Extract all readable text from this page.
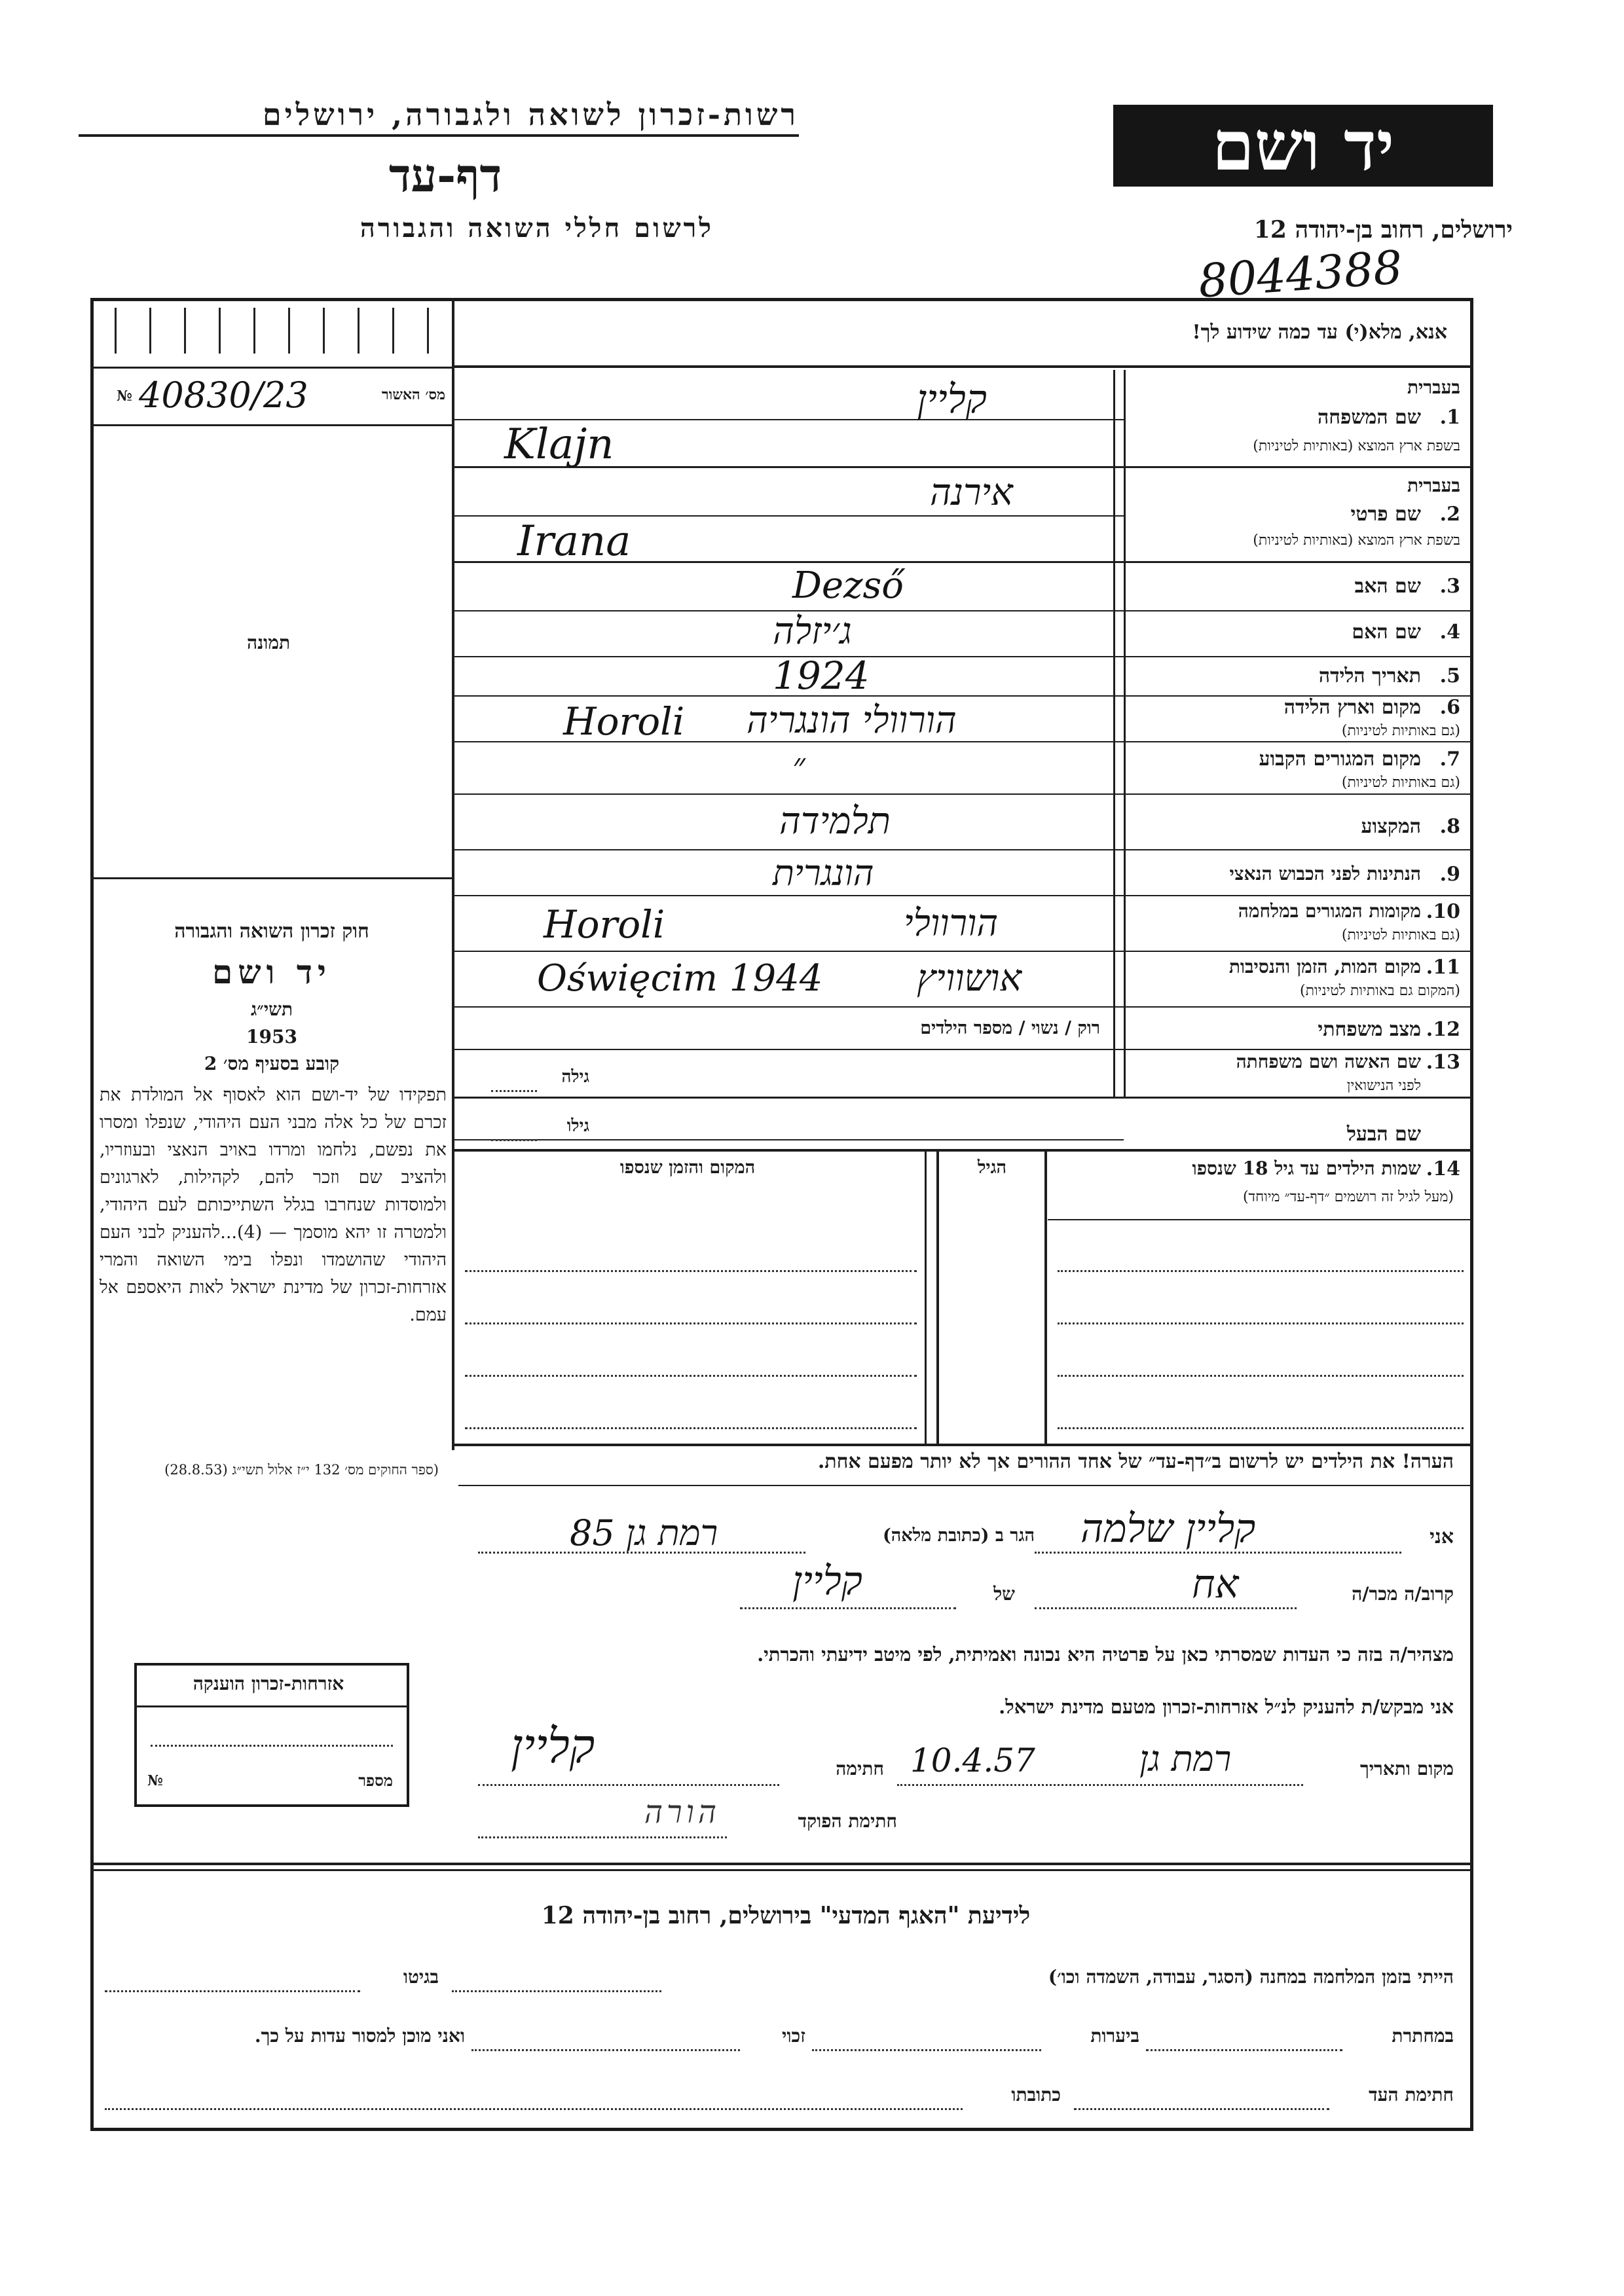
יד ושם
רשות-זכרון לשואה ולגבורה, ירושלים
דף-עד
לרשום חללי השואה והגבורה	ירושלים, רחוב בן-יהודה 12
8044388
אנא, מלא(י) עד כמה שידוע לך!
מס׳ האשור
№ 40830/23
תמונה
חוק זכרון השואה והגבורה
יד ושם
תשי״ג
1953
קובע בסעיף מס׳ 2
תפקידו של יד-ושם הוא לאסוף אל המולדת את זכרם של כל אלה מבני העם היהודי, שנפלו ומסרו את נפשם, נלחמו ומרדו באויב הנאצי ובעוזריו, ולהציב שם וזכר להם, לקהילות, לארגונים ולמוסדות שנחרבו בגלל השתייכותם לעם היהודי, ולמטרה זו יהא מוסמך — (4)...להעניק לבני העם היהודי שהושמדו ונפלו בימי השואה והמרי אזרחות-זכרון של מדינת ישראל לאות היאספם אל עמם.
(ספר החוקים מס׳ 132 י״ז אלול תשי״ג (28.8.53)
בעברית
שם המשפחה 1.
בשפת ארץ המוצא (באותיות לטיניות)
קליין
Klajn
בעברית
שם פרטי 2.
בשפת ארץ המוצא (באותיות לטיניות)
אירנה
Irana
שם האב 3.
Dezső
שם האם 4.
ג׳יזלה
תאריך הלידה 5.
1924
מקום וארץ הלידה 6.
(גם באותיות לטיניות)
הורוולי הונגריה
Horoli
מקום המגורים הקבוע 7.
(גם באותיות לטיניות)
״
המקצוע 8.
תלמידה
הנתינות לפני הכבוש הנאצי 9.
הונגרית
מקומות המגורים במלחמה 10.
(גם באותיות לטיניות)
הורוולי
Horoli
מקום המות, הזמן והנסיבות 11.
(המקום גם באותיות לטיניות)
אושוויץ
Oświęcim 1944
מצב משפחתי 12.
רוק / נשוי / מספר הילדים
שם האשה ושם משפחתה 13.
לפני הנישואין
גילה
שם הבעל
גילו
שמות הילדים עד גיל 18 שנספו 14.
(מעל לגיל זה רושמים ״דף-עד״ מיוחד)
הגיל
המקום והזמן שנספו
הערה! את הילדים יש לרשום ב״דף-עד״ של אחד ההורים אך לא יותר מפעם אחת.
אני
קליין שלמה
הגר ב (כתובת מלאה)
רמת גן 85
קרוב/ה מכר/ה
אח
של
קליין
מצהיר/ה בזה כי העדות שמסרתי כאן על פרטיה היא נכונה ואמיתית, לפי מיטב ידיעתי והכרתי.
אני מבקש/ת להעניק לנ״ל אזרחות-זכרון מטעם מדינת ישראל.
מקום ותאריך
רמת גן
10.4.57
חתימה
קליין
חתימת הפוקד
הורה
אזרחות-זכרון הוענקה
מספר
№
לידיעת "האגף המדעי" בירושלים, רחוב בן-יהודה 12
הייתי בזמן המלחמה במחנה (הסגר, עבודה, השמדה וכו׳)
בגיטו
במחתרת
ביערות
זכוי
ואני מוכן למסור עדות על כך.
חתימת העד
כתובתו
